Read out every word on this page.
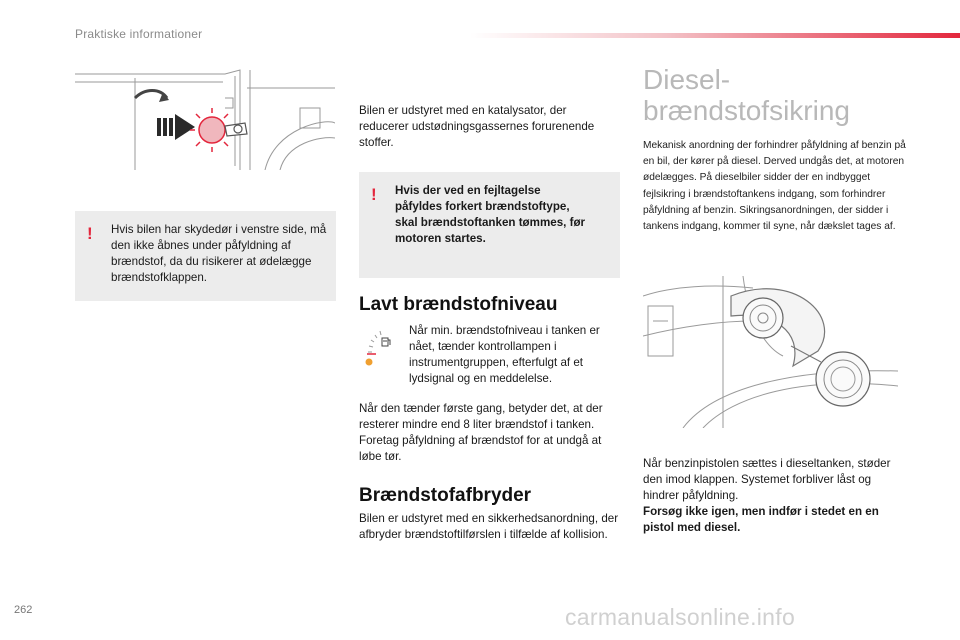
Praktiske informationer
! Hvis bilen har skydedør i venstre side, må den ikke åbnes under påfyldning af brændstof, da du risikerer at ødelægge brændstofklappen.
Bilen er udstyret med en katalysator, der reducerer udstødningsgassernes forurenende stoffer.
! Hvis der ved en fejltagelse påfyldes forkert brændstoftype, skal brændstoftanken tømmes, før motoren startes.
Lavt brændstofniveau
Når min. brændstofniveau i tanken er nået, tænder kontrollampen i instrumentgruppen, efterfulgt af et lydsignal og en meddelelse.
Når den tænder første gang, betyder det, at der resterer mindre end 8 liter brændstof i tanken. Foretag påfyldning af brændstof for at undgå at løbe tør.
Brændstofafbryder
Bilen er udstyret med en sikkerhedsanordning, der afbryder brændstoftilførslen i tilfælde af kollision.
Diesel-
brændstofsikring
Mekanisk anordning der forhindrer påfyldning af benzin på en bil, der kører på diesel. Derved undgås det, at motoren ødelægges. På dieselbiler sidder der en indbygget fejlsikring i brændstoftankens indgang, som forhindrer påfyldning af benzin. Sikringsanordningen, der sidder i tankens indgang, kommer til syne, når dækslet tages af.
Når benzinpistolen sættes i dieseltanken, støder den imod klappen. Systemet forbliver låst og hindrer påfyldning.
Forsøg ikke igen, men indfør i stedet en en pistol med diesel.
262	carmanualsonline.info
